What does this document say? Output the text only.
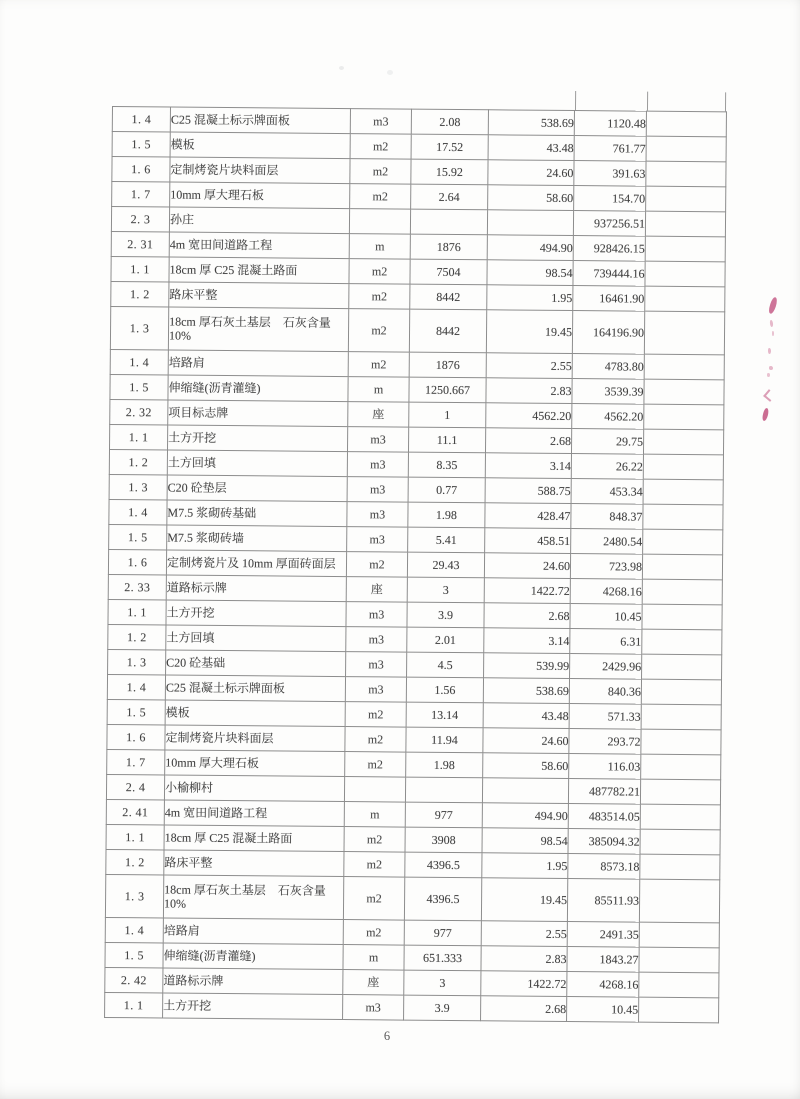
1. 4	C25 混凝土标示牌面板	m3	2.08	538.69	1120.48	
1. 5	模板	m2	17.52	43.48	761.77	
1. 6	定制烤瓷片块料面层	m2	15.92	24.60	391.63	
1. 7	10mm 厚大理石板	m2	2.64	58.60	154.70	
2. 3	孙庄				937256.51	
2. 31	4m 宽田间道路工程	m	1876	494.90	928426.15	
1. 1	18cm 厚 C25 混凝土路面	m2	7504	98.54	739444.16	
1. 2	路床平整	m2	8442	1.95	16461.90	
1. 3	18cm 厚石灰土基层　石灰含量
10%	m2	8442	19.45	164196.90	
1. 4	培路肩	m2	1876	2.55	4783.80	
1. 5	伸缩缝(沥青灌缝)	m	1250.667	2.83	3539.39	
2. 32	项目标志牌	座	1	4562.20	4562.20	
1. 1	土方开挖	m3	11.1	2.68	29.75	
1. 2	土方回填	m3	8.35	3.14	26.22	
1. 3	C20 砼垫层	m3	0.77	588.75	453.34	
1. 4	M7.5 浆砌砖基础	m3	1.98	428.47	848.37	
1. 5	M7.5 浆砌砖墙	m3	5.41	458.51	2480.54	
1. 6	定制烤瓷片及 10mm 厚面砖面层	m2	29.43	24.60	723.98	
2. 33	道路标示牌	座	3	1422.72	4268.16	
1. 1	土方开挖	m3	3.9	2.68	10.45	
1. 2	土方回填	m3	2.01	3.14	6.31	
1. 3	C20 砼基础	m3	4.5	539.99	2429.96	
1. 4	C25 混凝土标示牌面板	m3	1.56	538.69	840.36	
1. 5	模板	m2	13.14	43.48	571.33	
1. 6	定制烤瓷片块料面层	m2	11.94	24.60	293.72	
1. 7	10mm 厚大理石板	m2	1.98	58.60	116.03	
2. 4	小榆柳村				487782.21	
2. 41	4m 宽田间道路工程	m	977	494.90	483514.05	
1. 1	18cm 厚 C25 混凝土路面	m2	3908	98.54	385094.32	
1. 2	路床平整	m2	4396.5	1.95	8573.18	
1. 3	18cm 厚石灰土基层　石灰含量
10%	m2	4396.5	19.45	85511.93	
1. 4	培路肩	m2	977	2.55	2491.35	
1. 5	伸缩缝(沥青灌缝)	m	651.333	2.83	1843.27	
2. 42	道路标示牌	座	3	1422.72	4268.16	
1. 1	土方开挖	m3	3.9	2.68	10.45	
6
